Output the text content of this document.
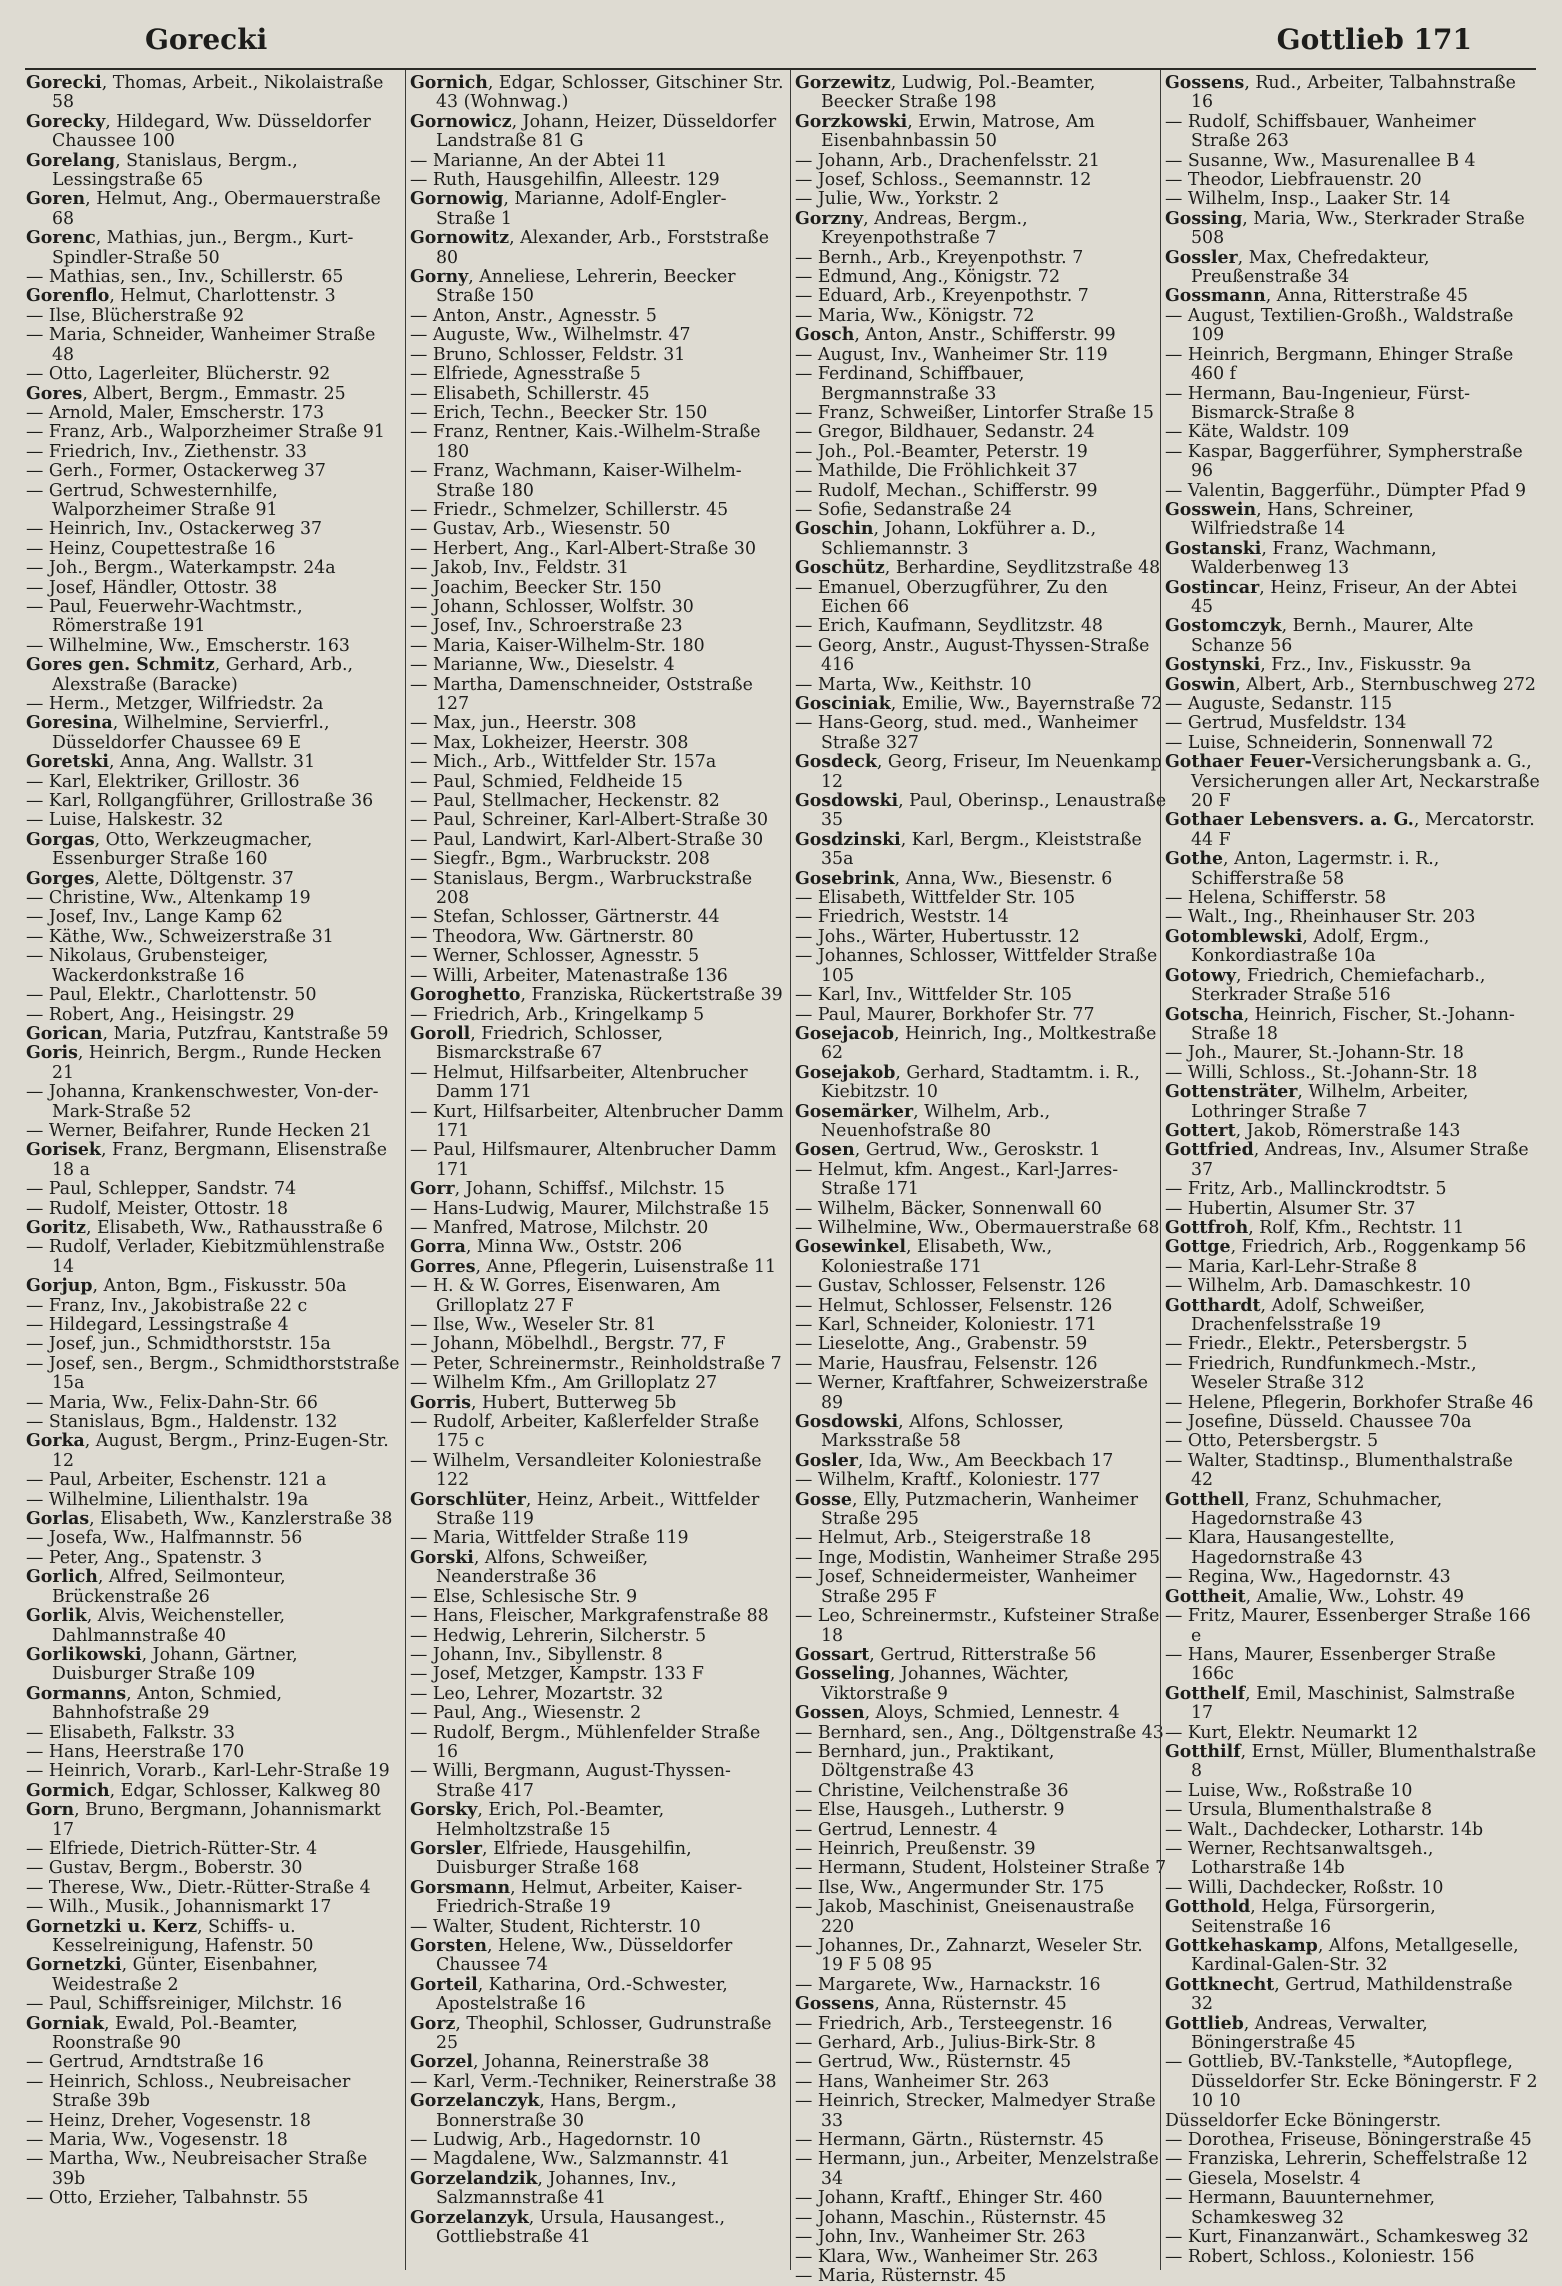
Gorecki	Gottlieb 171
Gorecki, Thomas, Arbeit., Nikolaistraße 58
Gorecky, Hildegard, Ww. Düsseldorfer Chaussee 100
Gorelang, Stanislaus, Bergm., Lessingstraße 65
Goren, Helmut, Ang., Obermauerstraße 68
Gorenc, Mathias, jun., Bergm., Kurt-Spindler-Straße 50
— Mathias, sen., Inv., Schillerstr. 65
Gorenflo, Helmut, Charlottenstr. 3
— Ilse, Blücherstraße 92
— Maria, Schneider, Wanheimer Straße 48
— Otto, Lagerleiter, Blücherstr. 92
Gores, Albert, Bergm., Emmastr. 25
— Arnold, Maler, Emscherstr. 173
— Franz, Arb., Walporzheimer Straße 91
— Friedrich, Inv., Ziethenstr. 33
— Gerh., Former, Ostackerweg 37
— Gertrud, Schwesternhilfe, Walporzheimer Straße 91
— Heinrich, Inv., Ostackerweg 37
— Heinz, Coupettestraße 16
— Joh., Bergm., Waterkampstr. 24a
— Josef, Händler, Ottostr. 38
— Paul, Feuerwehr-Wachtmstr., Römerstraße 191
— Wilhelmine, Ww., Emscherstr. 163
Gores gen. Schmitz, Gerhard, Arb., Alexstraße (Baracke)
— Herm., Metzger, Wilfriedstr. 2a
Goresina, Wilhelmine, Servierfrl., Düsseldorfer Chaussee 69 E
Goretski, Anna, Ang. Wallstr. 31
— Karl, Elektriker, Grillostr. 36
— Karl, Rollgangführer, Grillostraße 36
— Luise, Halskestr. 32
Gorgas, Otto, Werkzeugmacher, Essenburger Straße 160
Gorges, Alette, Döltgenstr. 37
— Christine, Ww., Altenkamp 19
— Josef, Inv., Lange Kamp 62
— Käthe, Ww., Schweizerstraße 31
— Nikolaus, Grubensteiger, Wackerdonkstraße 16
— Paul, Elektr., Charlottenstr. 50
— Robert, Ang., Heisingstr. 29
Gorican, Maria, Putzfrau, Kantstraße 59
Goris, Heinrich, Bergm., Runde Hecken 21
— Johanna, Krankenschwester, Von-der-Mark-Straße 52
— Werner, Beifahrer, Runde Hecken 21
Gorisek, Franz, Bergmann, Elisenstraße 18 a
— Paul, Schlepper, Sandstr. 74
— Rudolf, Meister, Ottostr. 18
Goritz, Elisabeth, Ww., Rathausstraße 6
— Rudolf, Verlader, Kiebitzmühlenstraße 14
Gorjup, Anton, Bgm., Fiskusstr. 50a
— Franz, Inv., Jakobistraße 22 c
— Hildegard, Lessingstraße 4
— Josef, jun., Schmidthorststr. 15a
— Josef, sen., Bergm., Schmidthorststraße 15a
— Maria, Ww., Felix-Dahn-Str. 66
— Stanislaus, Bgm., Haldenstr. 132
Gorka, August, Bergm., Prinz-Eugen-Str. 12
— Paul, Arbeiter, Eschenstr. 121 a
— Wilhelmine, Lilienthalstr. 19a
Gorlas, Elisabeth, Ww., Kanzlerstraße 38
— Josefa, Ww., Halfmannstr. 56
— Peter, Ang., Spatenstr. 3
Gorlich, Alfred, Seilmonteur, Brückenstraße 26
Gorlik, Alvis, Weichensteller, Dahlmannstraße 40
Gorlikowski, Johann, Gärtner, Duisburger Straße 109
Gormanns, Anton, Schmied, Bahnhofstraße 29
— Elisabeth, Falkstr. 33
— Hans, Heerstraße 170
— Heinrich, Vorarb., Karl-Lehr-Straße 19
Gormich, Edgar, Schlosser, Kalkweg 80
Gorn, Bruno, Bergmann, Johannismarkt 17
— Elfriede, Dietrich-Rütter-Str. 4
— Gustav, Bergm., Boberstr. 30
— Therese, Ww., Dietr.-Rütter-Straße 4
— Wilh., Musik., Johannismarkt 17
Gornetzki u. Kerz, Schiffs- u. Kesselreinigung, Hafenstr. 50
Gornetzki, Günter, Eisenbahner, Weidestraße 2
— Paul, Schiffsreiniger, Milchstr. 16
Gorniak, Ewald, Pol.-Beamter, Roonstraße 90
— Gertrud, Arndtstraße 16
— Heinrich, Schloss., Neubreisacher Straße 39b
— Heinz, Dreher, Vogesenstr. 18
— Maria, Ww., Vogesenstr. 18
— Martha, Ww., Neubreisacher Straße 39b
— Otto, Erzieher, Talbahnstr. 55
Gornich, Edgar, Schlosser, Gitschiner Str. 43 (Wohnwag.)
Gornowicz, Johann, Heizer, Düsseldorfer Landstraße 81 G
— Marianne, An der Abtei 11
— Ruth, Hausgehilfin, Alleestr. 129
Gornowig, Marianne, Adolf-Engler-Straße 1
Gornowitz, Alexander, Arb., Forststraße 80
Gorny, Anneliese, Lehrerin, Beecker Straße 150
— Anton, Anstr., Agnesstr. 5
— Auguste, Ww., Wilhelmstr. 47
— Bruno, Schlosser, Feldstr. 31
— Elfriede, Agnesstraße 5
— Elisabeth, Schillerstr. 45
— Erich, Techn., Beecker Str. 150
— Franz, Rentner, Kais.-Wilhelm-Straße 180
— Franz, Wachmann, Kaiser-Wilhelm-Straße 180
— Friedr., Schmelzer, Schillerstr. 45
— Gustav, Arb., Wiesenstr. 50
— Herbert, Ang., Karl-Albert-Straße 30
— Jakob, Inv., Feldstr. 31
— Joachim, Beecker Str. 150
— Johann, Schlosser, Wolfstr. 30
— Josef, Inv., Schroerstraße 23
— Maria, Kaiser-Wilhelm-Str. 180
— Marianne, Ww., Dieselstr. 4
— Martha, Damenschneider, Oststraße 127
— Max, jun., Heerstr. 308
— Max, Lokheizer, Heerstr. 308
— Mich., Arb., Wittfelder Str. 157a
— Paul, Schmied, Feldheide 15
— Paul, Stellmacher, Heckenstr. 82
— Paul, Schreiner, Karl-Albert-Straße 30
— Paul, Landwirt, Karl-Albert-Straße 30
— Siegfr., Bgm., Warbruckstr. 208
— Stanislaus, Bergm., Warbruckstraße 208
— Stefan, Schlosser, Gärtnerstr. 44
— Theodora, Ww. Gärtnerstr. 80
— Werner, Schlosser, Agnesstr. 5
— Willi, Arbeiter, Matenastraße 136
Goroghetto, Franziska, Rückertstraße 39
— Friedrich, Arb., Kringelkamp 5
Goroll, Friedrich, Schlosser, Bismarckstraße 67
— Helmut, Hilfsarbeiter, Altenbrucher Damm 171
— Kurt, Hilfsarbeiter, Altenbrucher Damm 171
— Paul, Hilfsmaurer, Altenbrucher Damm 171
Gorr, Johann, Schiffsf., Milchstr. 15
— Hans-Ludwig, Maurer, Milchstraße 15
— Manfred, Matrose, Milchstr. 20
Gorra, Minna Ww., Oststr. 206
Gorres, Anne, Pflegerin, Luisenstraße 11
— H. & W. Gorres, Eisenwaren, Am Grilloplatz 27 F
— Ilse, Ww., Weseler Str. 81
— Johann, Möbelhdl., Bergstr. 77, F
— Peter, Schreinermstr., Reinholdstraße 7
— Wilhelm Kfm., Am Grilloplatz 27
Gorris, Hubert, Butterweg 5b
— Rudolf, Arbeiter, Kaßlerfelder Straße 175 c
— Wilhelm, Versandleiter Koloniestraße 122
Gorschlüter, Heinz, Arbeit., Wittfelder Straße 119
— Maria, Wittfelder Straße 119
Gorski, Alfons, Schweißer, Neanderstraße 36
— Else, Schlesische Str. 9
— Hans, Fleischer, Markgrafenstraße 88
— Hedwig, Lehrerin, Silcherstr. 5
— Johann, Inv., Sibyllenstr. 8
— Josef, Metzger, Kampstr. 133 F
— Leo, Lehrer, Mozartstr. 32
— Paul, Ang., Wiesenstr. 2
— Rudolf, Bergm., Mühlenfelder Straße 16
— Willi, Bergmann, August-Thyssen-Straße 417
Gorsky, Erich, Pol.-Beamter, Helmholtzstraße 15
Gorsler, Elfriede, Hausgehilfin, Duisburger Straße 168
Gorsmann, Helmut, Arbeiter, Kaiser-Friedrich-Straße 19
— Walter, Student, Richterstr. 10
Gorsten, Helene, Ww., Düsseldorfer Chaussee 74
Gorteil, Katharina, Ord.-Schwester, Apostelstraße 16
Gorz, Theophil, Schlosser, Gudrunstraße 25
Gorzel, Johanna, Reinerstraße 38
— Karl, Verm.-Techniker, Reinerstraße 38
Gorzelanczyk, Hans, Bergm., Bonnerstraße 30
— Ludwig, Arb., Hagedornstr. 10
— Magdalene, Ww., Salzmannstr. 41
Gorzelandzik, Johannes, Inv., Salzmannstraße 41
Gorzelanzyk, Ursula, Hausangest., Gottliebstraße 41
Gorzewitz, Ludwig, Pol.-Beamter, Beecker Straße 198
Gorzkowski, Erwin, Matrose, Am Eisenbahnbassin 50
— Johann, Arb., Drachenfelsstr. 21
— Josef, Schloss., Seemannstr. 12
— Julie, Ww., Yorkstr. 2
Gorzny, Andreas, Bergm., Kreyenpothstraße 7
— Bernh., Arb., Kreyenpothstr. 7
— Edmund, Ang., Königstr. 72
— Eduard, Arb., Kreyenpothstr. 7
— Maria, Ww., Königstr. 72
Gosch, Anton, Anstr., Schifferstr. 99
— August, Inv., Wanheimer Str. 119
— Ferdinand, Schiffbauer, Bergmannstraße 33
— Franz, Schweißer, Lintorfer Straße 15
— Gregor, Bildhauer, Sedanstr. 24
— Joh., Pol.-Beamter, Peterstr. 19
— Mathilde, Die Fröhlichkeit 37
— Rudolf, Mechan., Schifferstr. 99
— Sofie, Sedanstraße 24
Goschin, Johann, Lokführer a. D., Schliemannstr. 3
Goschütz, Berhardine, Seydlitzstraße 48
— Emanuel, Oberzugführer, Zu den Eichen 66
— Erich, Kaufmann, Seydlitzstr. 48
— Georg, Anstr., August-Thyssen-Straße 416
— Marta, Ww., Keithstr. 10
Gosciniak, Emilie, Ww., Bayernstraße 72
— Hans-Georg, stud. med., Wanheimer Straße 327
Gosdeck, Georg, Friseur, Im Neuenkamp 12
Gosdowski, Paul, Oberinsp., Lenaustraße 35
Gosdzinski, Karl, Bergm., Kleiststraße 35a
Gosebrink, Anna, Ww., Biesenstr. 6
— Elisabeth, Wittfelder Str. 105
— Friedrich, Weststr. 14
— Johs., Wärter, Hubertusstr. 12
— Johannes, Schlosser, Wittfelder Straße 105
— Karl, Inv., Wittfelder Str. 105
— Paul, Maurer, Borkhofer Str. 77
Gosejacob, Heinrich, Ing., Moltkestraße 62
Gosejakob, Gerhard, Stadtamtm. i. R., Kiebitzstr. 10
Gosemärker, Wilhelm, Arb., Neuenhofstraße 80
Gosen, Gertrud, Ww., Geroskstr. 1
— Helmut, kfm. Angest., Karl-Jarres-Straße 171
— Wilhelm, Bäcker, Sonnenwall 60
— Wilhelmine, Ww., Obermauerstraße 68
Gosewinkel, Elisabeth, Ww., Koloniestraße 171
— Gustav, Schlosser, Felsenstr. 126
— Helmut, Schlosser, Felsenstr. 126
— Karl, Schneider, Koloniestr. 171
— Lieselotte, Ang., Grabenstr. 59
— Marie, Hausfrau, Felsenstr. 126
— Werner, Kraftfahrer, Schweizerstraße 89
Gosdowski, Alfons, Schlosser, Marksstraße 58
Gosler, Ida, Ww., Am Beeckbach 17
— Wilhelm, Kraftf., Koloniestr. 177
Gosse, Elly, Putzmacherin, Wanheimer Straße 295
— Helmut, Arb., Steigerstraße 18
— Inge, Modistin, Wanheimer Straße 295
— Josef, Schneidermeister, Wanheimer Straße 295 F
— Leo, Schreinermstr., Kufsteiner Straße 18
Gossart, Gertrud, Ritterstraße 56
Gosseling, Johannes, Wächter, Viktorstraße 9
Gossen, Aloys, Schmied, Lennestr. 4
— Bernhard, sen., Ang., Döltgenstraße 43
— Bernhard, jun., Praktikant, Döltgenstraße 43
— Christine, Veilchenstraße 36
— Else, Hausgeh., Lutherstr. 9
— Gertrud, Lennestr. 4
— Heinrich, Preußenstr. 39
— Hermann, Student, Holsteiner Straße 7
— Ilse, Ww., Angermunder Str. 175
— Jakob, Maschinist, Gneisenaustraße 220
— Johannes, Dr., Zahnarzt, Weseler Str. 19 F 5 08 95
— Margarete, Ww., Harnackstr. 16
Gossens, Anna, Rüsternstr. 45
— Friedrich, Arb., Tersteegenstr. 16
— Gerhard, Arb., Julius-Birk-Str. 8
— Gertrud, Ww., Rüsternstr. 45
— Hans, Wanheimer Str. 263
— Heinrich, Strecker, Malmedyer Straße 33
— Hermann, Gärtn., Rüsternstr. 45
— Hermann, jun., Arbeiter, Menzelstraße 34
— Johann, Kraftf., Ehinger Str. 460
— Johann, Maschin., Rüsternstr. 45
— John, Inv., Wanheimer Str. 263
— Klara, Ww., Wanheimer Str. 263
— Maria, Rüsternstr. 45
Gossens, Rud., Arbeiter, Talbahnstraße 16
— Rudolf, Schiffsbauer, Wanheimer Straße 263
— Susanne, Ww., Masurenallee B 4
— Theodor, Liebfrauenstr. 20
— Wilhelm, Insp., Laaker Str. 14
Gossing, Maria, Ww., Sterkrader Straße 508
Gossler, Max, Chefredakteur, Preußenstraße 34
Gossmann, Anna, Ritterstraße 45
— August, Textilien-Großh., Waldstraße 109
— Heinrich, Bergmann, Ehinger Straße 460 f
— Hermann, Bau-Ingenieur, Fürst-Bismarck-Straße 8
— Käte, Waldstr. 109
— Kaspar, Baggerführer, Sympherstraße 96
— Valentin, Baggerführ., Dümpter Pfad 9
Gosswein, Hans, Schreiner, Wilfriedstraße 14
Gostanski, Franz, Wachmann, Walderbenweg 13
Gostincar, Heinz, Friseur, An der Abtei 45
Gostomczyk, Bernh., Maurer, Alte Schanze 56
Gostynski, Frz., Inv., Fiskusstr. 9a
Goswin, Albert, Arb., Sternbuschweg 272
— Auguste, Sedanstr. 115
— Gertrud, Musfeldstr. 134
— Luise, Schneiderin, Sonnenwall 72
Gothaer Feuer-Versicherungsbank a. G., Versicherungen aller Art, Neckarstraße 20 F
Gothaer Lebensvers. a. G., Mercatorstr. 44 F
Gothe, Anton, Lagermstr. i. R., Schifferstraße 58
— Helena, Schifferstr. 58
— Walt., Ing., Rheinhauser Str. 203
Gotomblewski, Adolf, Ergm., Konkordiastraße 10a
Gotowy, Friedrich, Chemiefacharb., Sterkrader Straße 516
Gotscha, Heinrich, Fischer, St.-Johann-Straße 18
— Joh., Maurer, St.-Johann-Str. 18
— Willi, Schloss., St.-Johann-Str. 18
Gottensträter, Wilhelm, Arbeiter, Lothringer Straße 7
Gottert, Jakob, Römerstraße 143
Gottfried, Andreas, Inv., Alsumer Straße 37
— Fritz, Arb., Mallinckrodtstr. 5
— Hubertin, Alsumer Str. 37
Gottfroh, Rolf, Kfm., Rechtstr. 11
Gottge, Friedrich, Arb., Roggenkamp 56
— Maria, Karl-Lehr-Straße 8
— Wilhelm, Arb. Damaschkestr. 10
Gotthardt, Adolf, Schweißer, Drachenfelsstraße 19
— Friedr., Elektr., Petersbergstr. 5
— Friedrich, Rundfunkmech.-Mstr., Weseler Straße 312
— Helene, Pflegerin, Borkhofer Straße 46
— Josefine, Düsseld. Chaussee 70a
— Otto, Petersbergstr. 5
— Walter, Stadtinsp., Blumenthalstraße 42
Gotthell, Franz, Schuhmacher, Hagedornstraße 43
— Klara, Hausangestellte, Hagedornstraße 43
— Regina, Ww., Hagedornstr. 43
Gottheit, Amalie, Ww., Lohstr. 49
— Fritz, Maurer, Essenberger Straße 166 e
— Hans, Maurer, Essenberger Straße 166c
Gotthelf, Emil, Maschinist, Salmstraße 17
— Kurt, Elektr. Neumarkt 12
Gotthilf, Ernst, Müller, Blumenthalstraße 8
— Luise, Ww., Roßstraße 10
— Ursula, Blumenthalstraße 8
— Walt., Dachdecker, Lothar​str. 14b
— Werner, Rechtsanwaltsgeh., Lotharstraße 14b
— Willi, Dachdecker, Roßstr. 10
Gotthold, Helga, Fürsorgerin, Seitenstraße 16
Gottkehaskamp, Alfons, Metallgeselle, Kardinal-Galen-Str. 32
Gottknecht, Gertrud, Mathildenstraße 32
Gottlieb, Andreas, Verwalter, Böningerstraße 45
— Gottlieb, BV.-Tankstelle, *Autopflege, Düsseldorfer Str. Ecke Böningerstr. F 2 10 10
Düsseldorfer Ecke Böningerstr.
— Dorothea, Friseuse, Böningerstraße 45
— Franziska, Lehrerin, Scheffelstraße 12
— Giesela, Moselstr. 4
— Hermann, Bauunternehmer, Schamkesweg 32
— Kurt, Finanzanwärt., Schamkesweg 32
— Robert, Schloss., Koloniestr. 156
